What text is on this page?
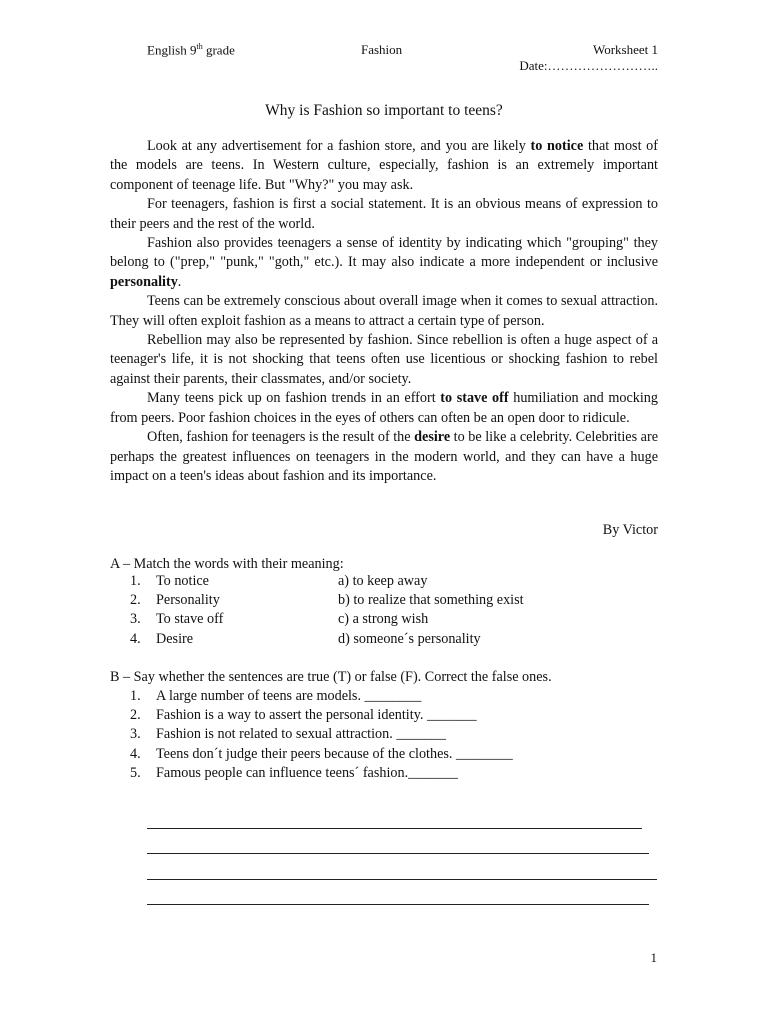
English 9th grade	Fashion	Worksheet 1
Date:……………………..
Why is Fashion so important to teens?

Look at any advertisement for a fashion store, and you are likely to notice that most of the models are teens. In Western culture, especially, fashion is an extremely important component of teenage life. But "Why?" you may ask.

For teenagers, fashion is first a social statement. It is an obvious means of expression to their peers and the rest of the world.

Fashion also provides teenagers a sense of identity by indicating which "grouping" they belong to ("prep," "punk," "goth," etc.). It may also indicate a more independent or inclusive personality.

Teens can be extremely conscious about overall image when it comes to sexual attraction. They will often exploit fashion as a means to attract a certain type of person.

Rebellion may also be represented by fashion. Since rebellion is often a huge aspect of a teenager's life, it is not shocking that teens often use licentious or shocking fashion to rebel against their parents, their classmates, and/or society.

Many teens pick up on fashion trends in an effort to stave off humiliation and mocking from peers. Poor fashion choices in the eyes of others can often be an open door to ridicule.

Often, fashion for teenagers is the result of the desire to be like a celebrity. Celebrities are perhaps the greatest influences on teenagers in the modern world, and they can have a huge impact on a teen's ideas about fashion and its importance.

By Victor
A – Match the words with their meaning:
1. To notice	a) to keep away
2. Personality	b) to realize that something exist
3. To stave off	c) a strong wish
4. Desire	d) someone´s personality
B – Say whether the sentences are true (T) or false (F). Correct the false ones.
1. A large number of teens are models. ________
2. Fashion is a way to assert the personal identity. _______
3. Fashion is not related to sexual attraction. _______
4. Teens don´t judge their peers because of the clothes. ________
5. Famous people can influence teens´ fashion._______
1
